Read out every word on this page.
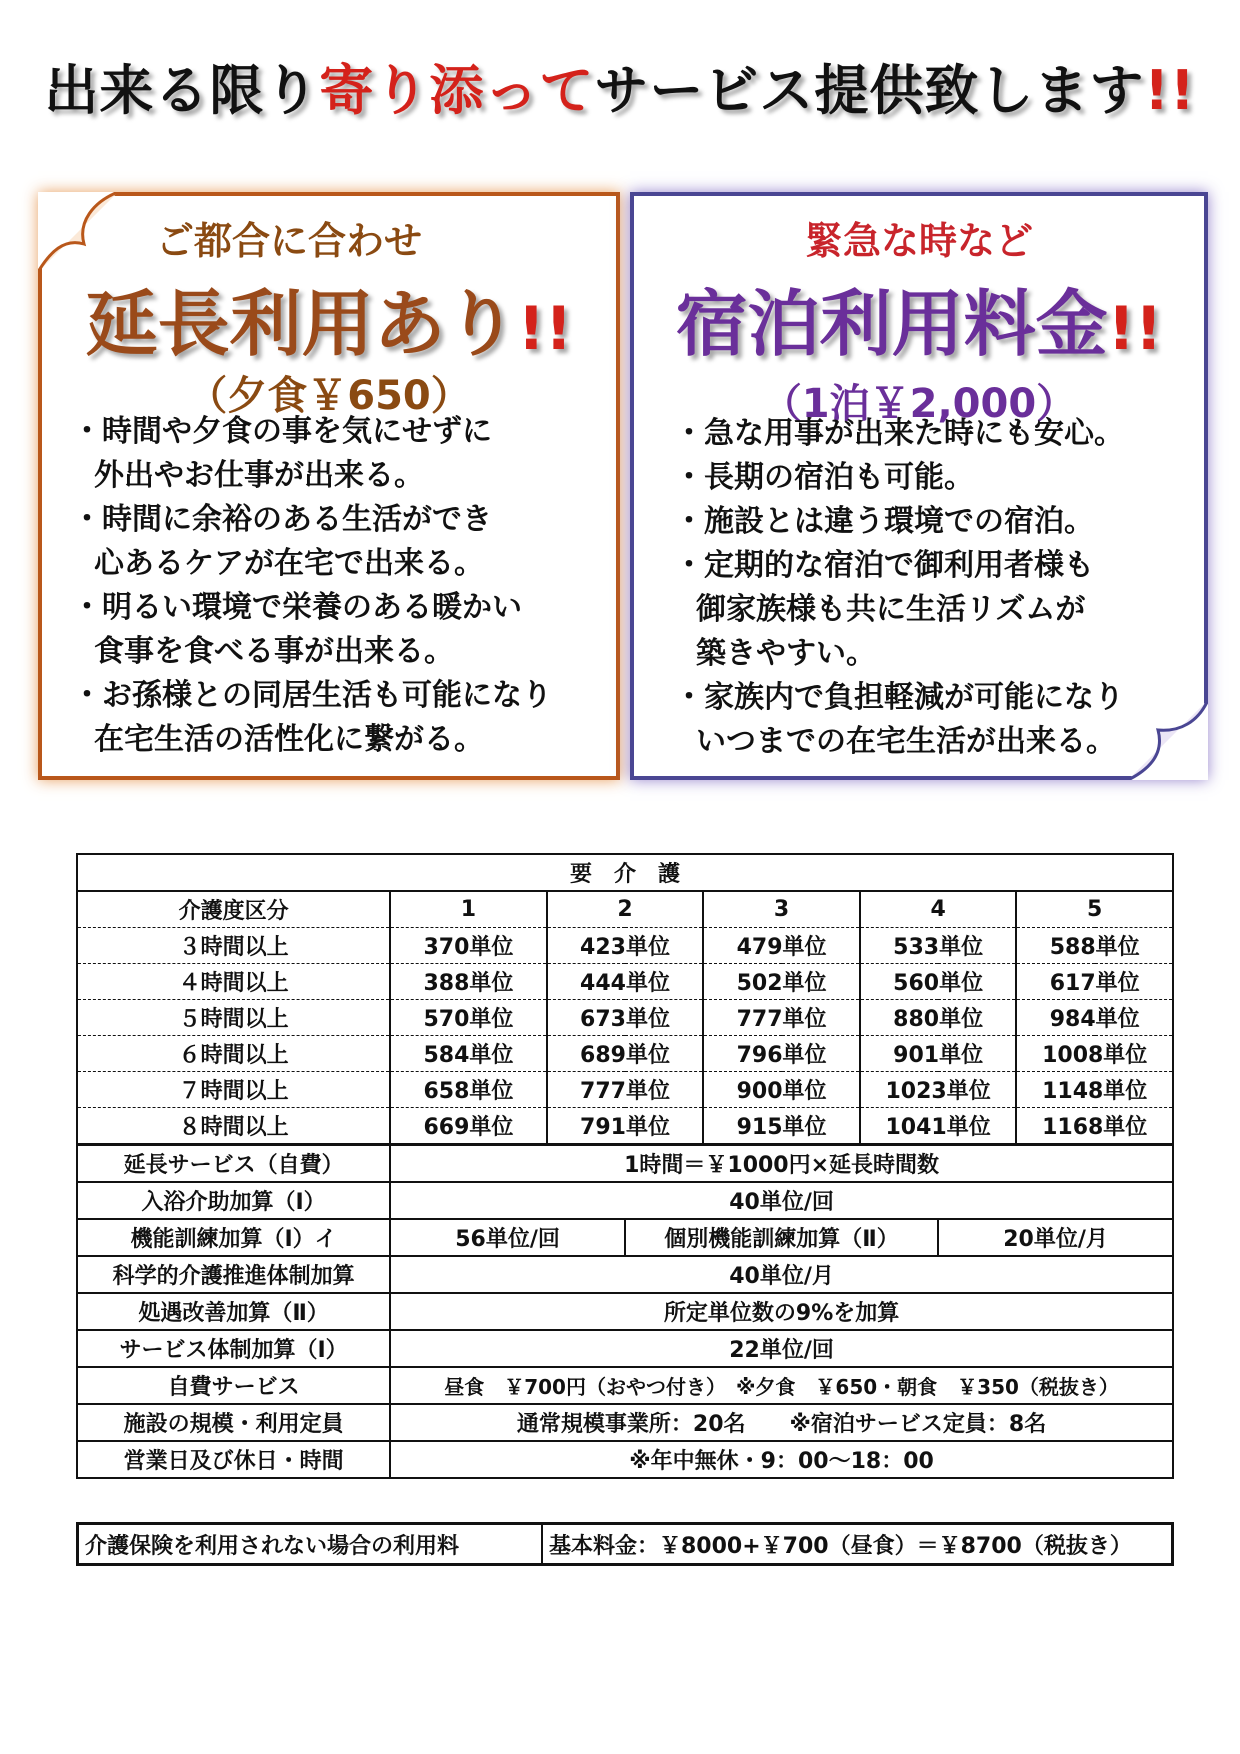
出来る限り寄り添ってサービス提供致します!!
ご都合に合わせ
延長利用あり!!
（夕食￥650）
・時間や夕食の事を気にせずに
外出やお仕事が出来る。
・時間に余裕のある生活ができ
心あるケアが在宅で出来る。
・明るい環境で栄養のある暖かい
食事を食べる事が出来る。
・お孫様との同居生活も可能になり
在宅生活の活性化に繋がる。
緊急な時など
宿泊利用料金!!
（1泊￥2,000）
・急な用事が出来た時にも安心。
・長期の宿泊も可能。
・施設とは違う環境での宿泊。
・定期的な宿泊で御利用者様も
御家族様も共に生活リズムが
築きやすい。
・家族内で負担軽減が可能になり
いつまでの在宅生活が出来る。
要　介　護							
介護度区分	1	2		3	4		5
３時間以上	370単位	423単位		479単位	533単位		588単位
４時間以上	388単位	444単位		502単位	560単位		617単位
５時間以上	570単位	673単位		777単位	880単位		984単位
６時間以上	584単位	689単位		796単位	901単位		1008単位
７時間以上	658単位	777単位		900単位	1023単位		1148単位
８時間以上	669単位	791単位		915単位	1041単位		1168単位
延長サービス（自費）	1時間＝￥1000円×延長時間数						
入浴介助加算（Ⅰ）	40単位/回						
機能訓練加算（Ⅰ）イ	56単位/回		個別機能訓練加算（Ⅱ）			20単位/月	
科学的介護推進体制加算	40単位/月						
処遇改善加算（Ⅱ）	所定単位数の9%を加算						
サービス体制加算（Ⅰ）	22単位/回						
自費サービス	昼食　￥700円（おやつ付き）　※夕食　￥650・朝食　￥350（税抜き）						
施設の規模・利用定員	通常規模事業所：20名　　※宿泊サービス定員：8名						
営業日及び休日・時間	※年中無休・9：00～18：00						
介護保険を利用されない場合の利用料	基本料金：￥8000+￥700（昼食）＝￥8700（税抜き）
